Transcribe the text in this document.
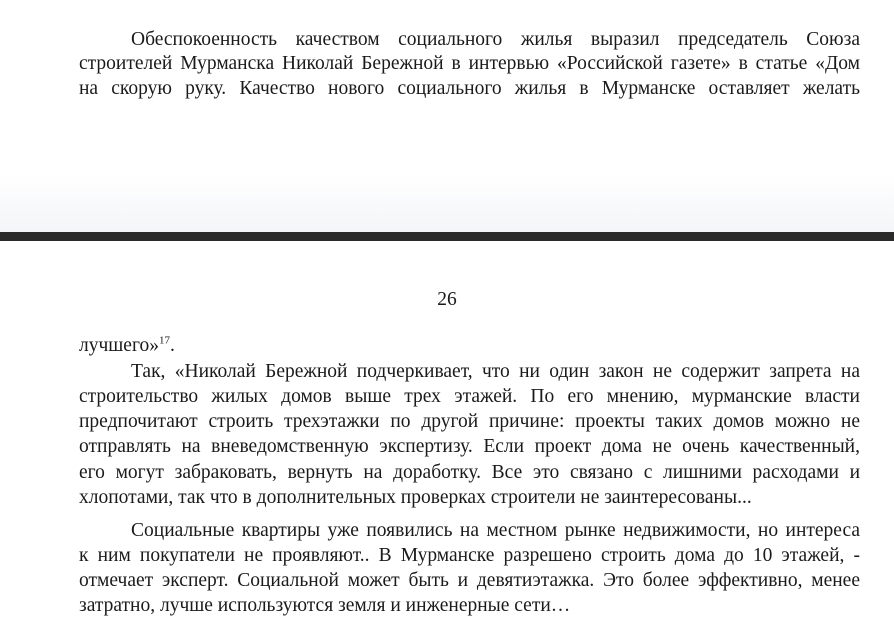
Обеспокоенность качеством социального жилья выразил председатель Союза
строителей Мурманска Николай Бережной в интервью «Российской газете» в статье «Дом
на скорую руку. Качество нового социального жилья в Мурманске оставляет желать
26
лучшего»$^{17}$.
Так, «Николай Бережной подчеркивает, что ни один закон не содержит запрета на
строительство жилых домов выше трех этажей. По его мнению, мурманские власти
предпочитают строить трехэтажки по другой причине: проекты таких домов можно не
отправлять на вневедомственную экспертизу. Если проект дома не очень качественный,
его могут забраковать, вернуть на доработку. Все это связано с лишними расходами и
хлопотами, так что в дополнительных проверках строители не заинтересованы...
Социальные квартиры уже появились на местном рынке недвижимости, но интереса
к ним покупатели не проявляют.. В Мурманске разрешено строить дома до 10 этажей, -
отмечает эксперт. Социальной может быть и девятиэтажка. Это более эффективно, менее
затратно, лучше используются земля и инженерные сети…
